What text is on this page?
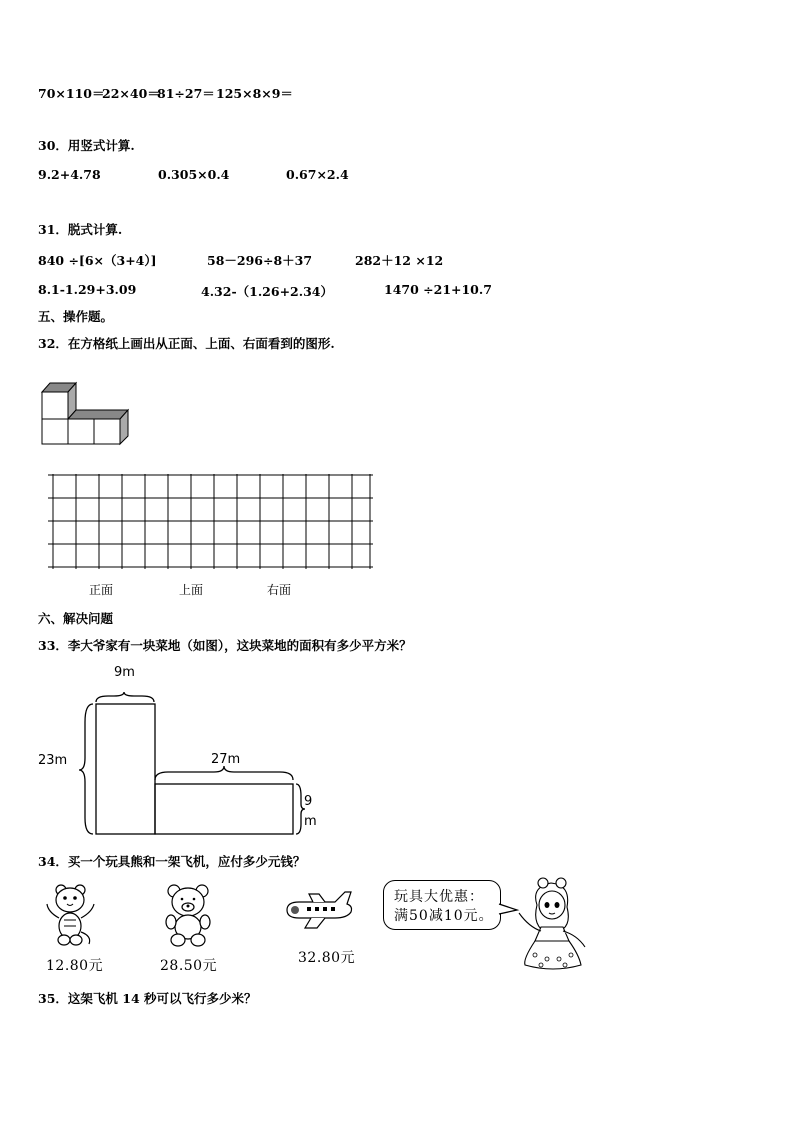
70×110＝
22×40＝
81÷27＝ 125×8×9＝
30．用竖式计算.
9.2+4.78	0.305×0.4	0.67×2.4
31．脱式计算.
840 ÷[6×（3+4）]	58－296÷8＋37	282＋12 ×12
8.1-1.29+3.09	4.32-（1.26+2.34）	1470 ÷21+10.7
五、操作题。
32．在方格纸上画出从正面、上面、右面看到的图形.
正面	上面	右面
六、解决问题
33．李大爷家有一块菜地（如图），这块菜地的面积有多少平方米？
9m
23m	27m
9
m
34．买一个玩具熊和一架飞机，应付多少元钱？
12.80元	28.50元	32.80元
玩具大优惠：
满50减10元。
35．这架飞机 14 秒可以飞行多少米？
